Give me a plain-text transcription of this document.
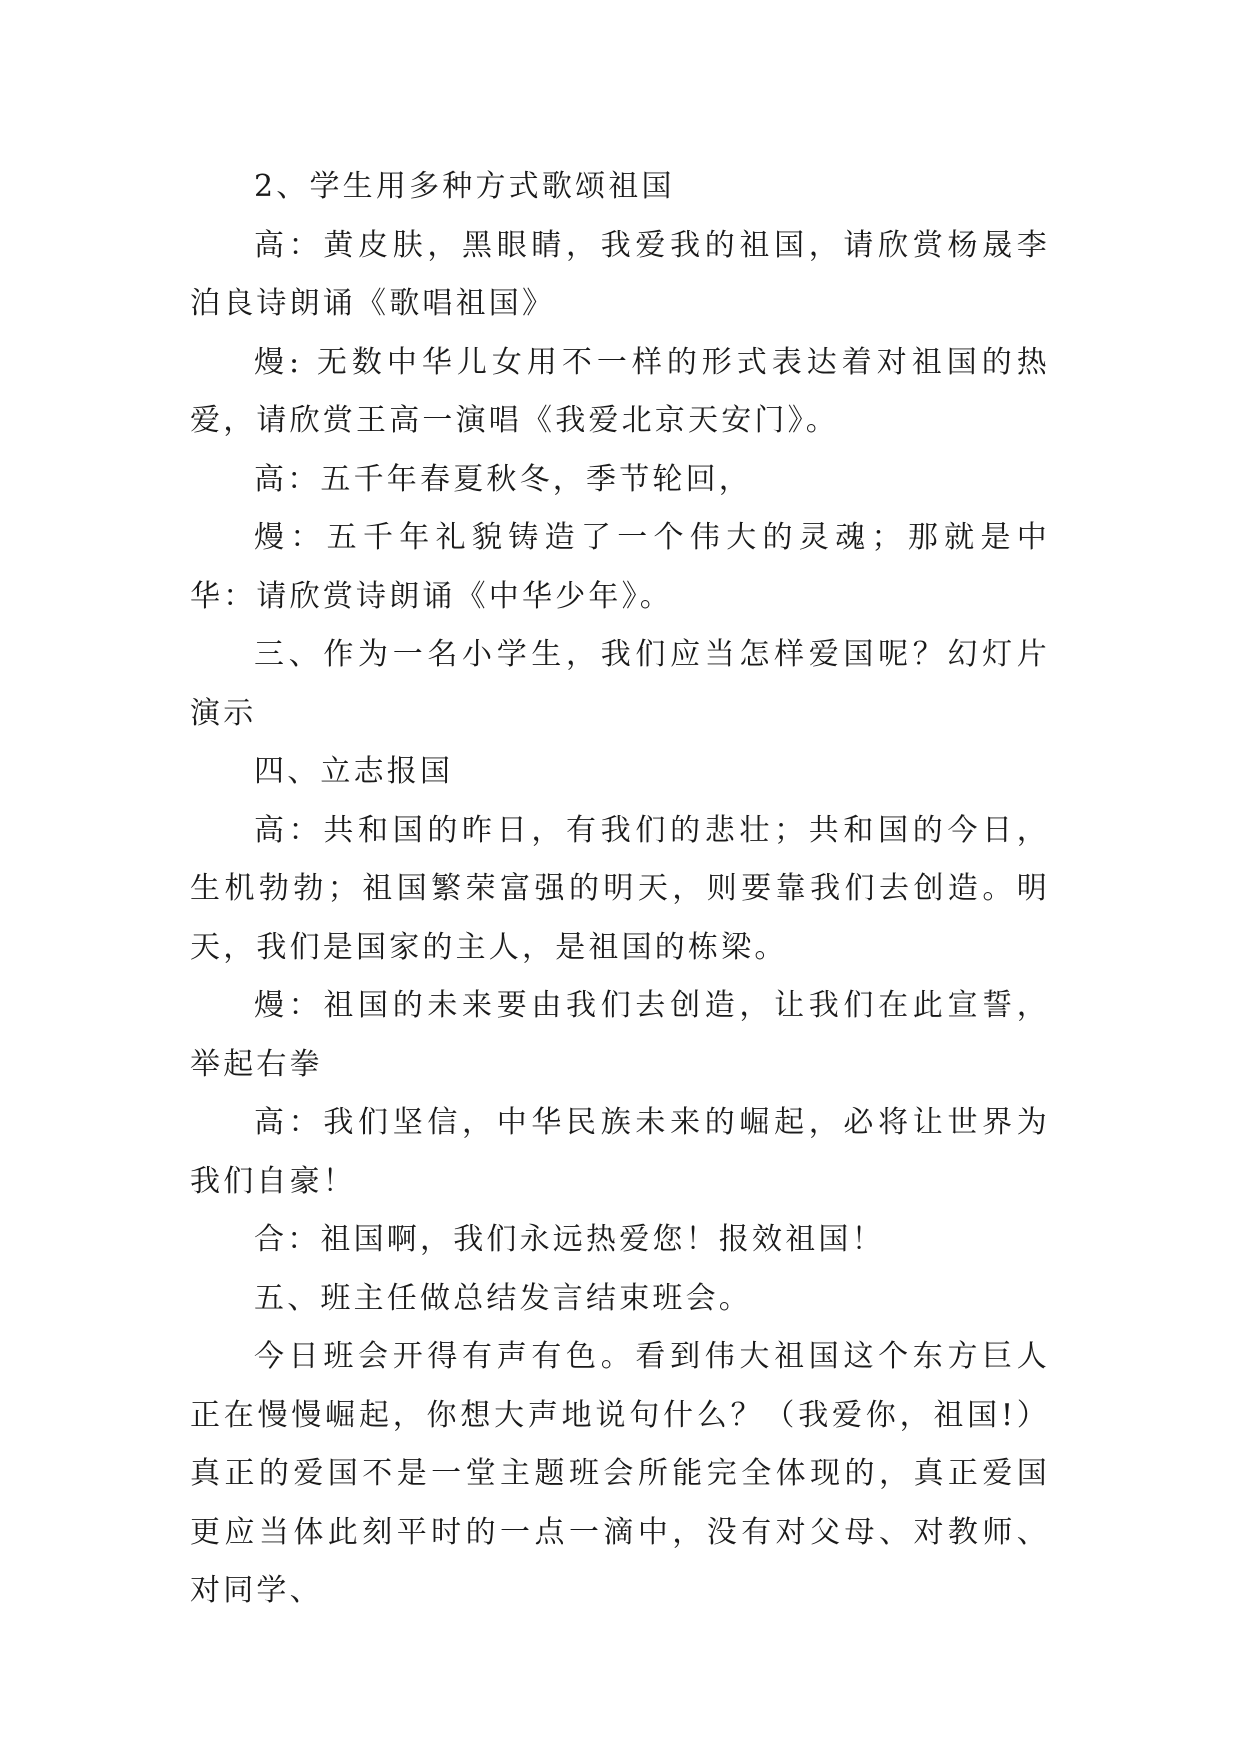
2、学生用多种方式歌颂祖国

高：黄皮肤，黑眼睛，我爱我的祖国，请欣赏杨晟李泊良诗朗诵《歌唱祖国》

熳: 无数中华儿女用不一样的形式表达着对祖国的热爱，请欣赏王高一演唱《我爱北京天安门》。

高：五千年春夏秋冬，季节轮回，

熳：五千年礼貌铸造了一个伟大的灵魂；那就是中华：请欣赏诗朗诵《中华少年》。

三、作为一名小学生，我们应当怎样爱国呢？幻灯片演示

四、立志报国

高：共和国的昨日，有我们的悲壮；共和国的今日，生机勃勃；祖国繁荣富强的明天，则要靠我们去创造。明天，我们是国家的主人，是祖国的栋梁。

熳：祖国的未来要由我们去创造，让我们在此宣誓，举起右拳

高：我们坚信，中华民族未来的崛起，必将让世界为我们自豪！

合：祖国啊，我们永远热爱您！报效祖国！

五、班主任做总结发言结束班会。

今日班会开得有声有色。看到伟大祖国这个东方巨人正在慢慢崛起，你想大声地说句什么？（我爱你，祖国!）真正的爱国不是一堂主题班会所能完全体现的，真正爱国更应当体此刻平时的一点一滴中，没有对父母、对教师、对同学、
